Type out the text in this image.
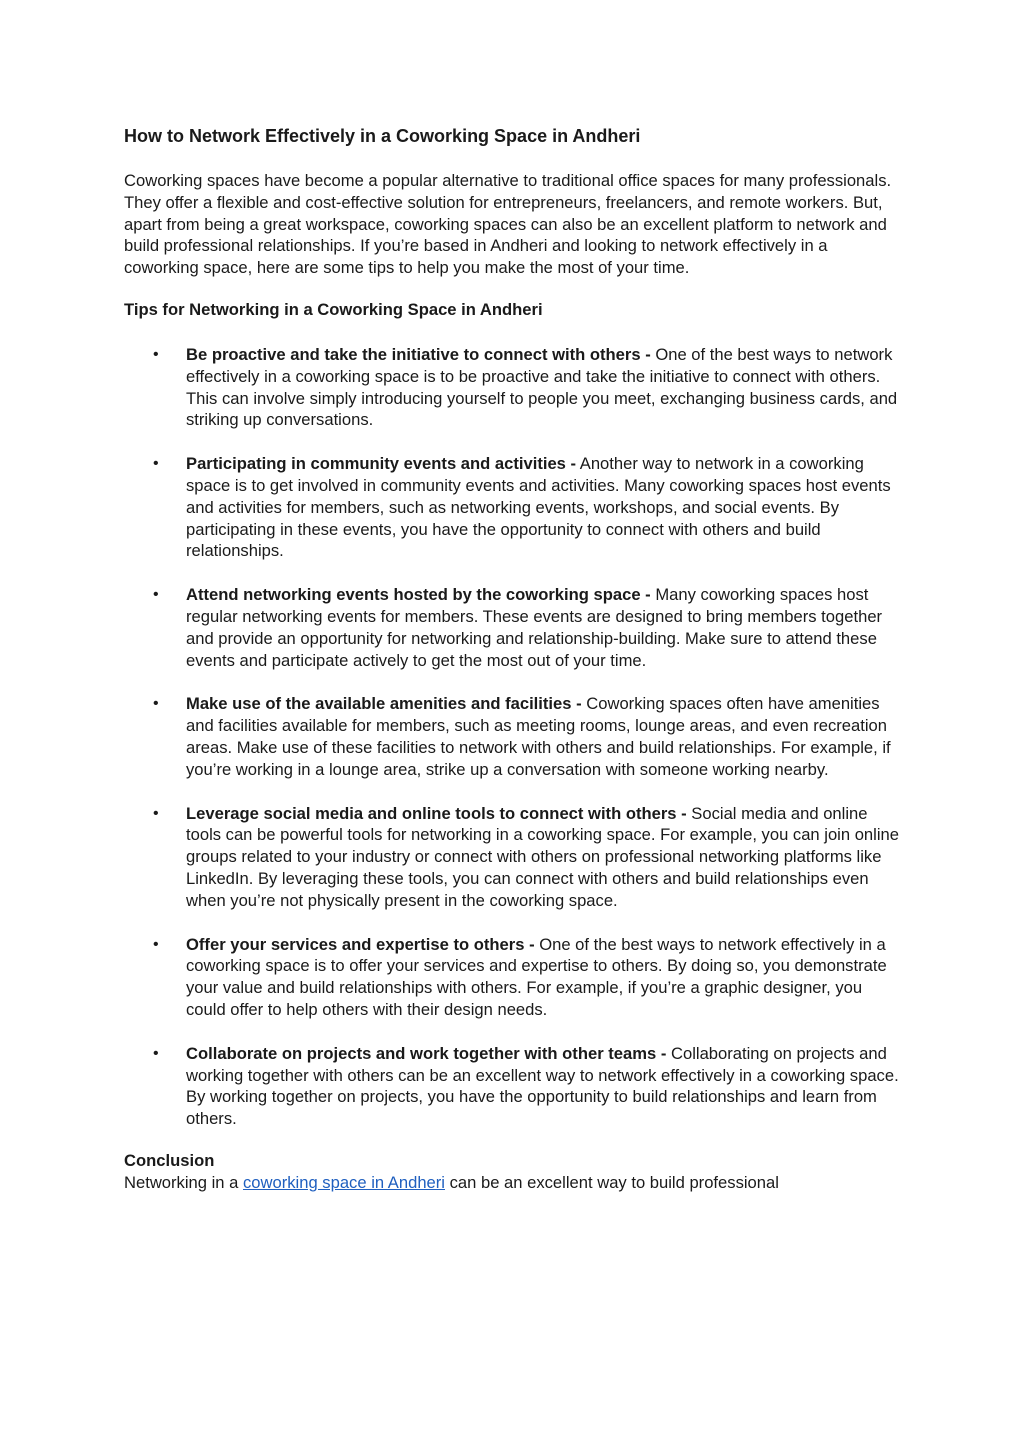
How to Network Effectively in a Coworking Space in Andheri
Coworking spaces have become a popular alternative to traditional office spaces for many professionals. They offer a flexible and cost-effective solution for entrepreneurs, freelancers, and remote workers. But, apart from being a great workspace, coworking spaces can also be an excellent platform to network and build professional relationships. If you’re based in Andheri and looking to network effectively in a coworking space, here are some tips to help you make the most of your time.
Tips for Networking in a Coworking Space in Andheri
• Be proactive and take the initiative to connect with others - One of the best ways to network effectively in a coworking space is to be proactive and take the initiative to connect with others. This can involve simply introducing yourself to people you meet, exchanging business cards, and striking up conversations.
• Participating in community events and activities - Another way to network in a coworking space is to get involved in community events and activities. Many coworking spaces host events and activities for members, such as networking events, workshops, and social events. By participating in these events, you have the opportunity to connect with others and build relationships.
• Attend networking events hosted by the coworking space - Many coworking spaces host regular networking events for members. These events are designed to bring members together and provide an opportunity for networking and relationship-building. Make sure to attend these events and participate actively to get the most out of your time.
• Make use of the available amenities and facilities - Coworking spaces often have amenities and facilities available for members, such as meeting rooms, lounge areas, and even recreation areas. Make use of these facilities to network with others and build relationships. For example, if you’re working in a lounge area, strike up a conversation with someone working nearby.
• Leverage social media and online tools to connect with others - Social media and online tools can be powerful tools for networking in a coworking space. For example, you can join online groups related to your industry or connect with others on professional networking platforms like LinkedIn. By leveraging these tools, you can connect with others and build relationships even when you’re not physically present in the coworking space.
• Offer your services and expertise to others - One of the best ways to network effectively in a coworking space is to offer your services and expertise to others. By doing so, you demonstrate your value and build relationships with others. For example, if you’re a graphic designer, you could offer to help others with their design needs.
• Collaborate on projects and work together with other teams - Collaborating on projects and working together with others can be an excellent way to network effectively in a coworking space. By working together on projects, you have the opportunity to build relationships and learn from others.
Conclusion

Networking in a coworking space in Andheri can be an excellent way to build professional
